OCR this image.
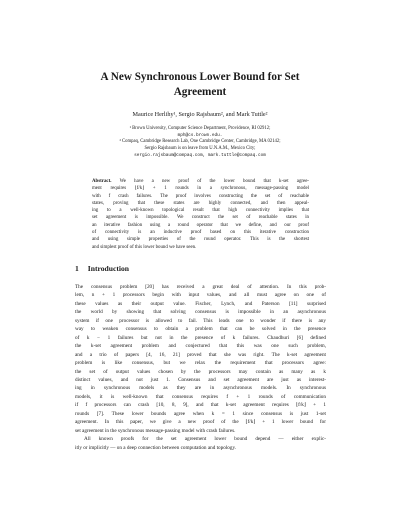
A New Synchronous Lower Bound for Set
Agreement
Maurice Herlihy¹, Sergio Rajsbaum², and Mark Tuttle²
¹ Brown University, Computer Science Department, Providence, RI 02912;
mph@cs.brown.edu.
² Compaq, Cambridge Research Lab, One Cambridge Center, Cambridge, MA 02142;
Sergio Rajsbaum is on leave from U.N.A.M., Mexico City;
sergio.rajsbaum@compaq.com, mark.tuttle@compaq.com
Abstract. We have a new proof of the lower bound that k-set agree-
ment requires ⌊f/k⌋ + 1 rounds in a synchronous, message-passing model
with f crash failures. The proof involves constructing the set of reachable
states, proving that these states are highly connected, and then appeal-
ing to a well-known topological result that high connectivity implies that
set agreement is impossible. We construct the set of reachable states in
an iterative fashion using a round operator that we define, and our proof
of connectivity is an inductive proof based on this iterative construction
and using simple properties of the round operator. This is the shortest
and simplest proof of this lower bound we have seen.
1 Introduction
The consensus problem [20] has received a great deal of attention. In this prob-
lem, n + 1 processors begin with input values, and all must agree on one of
these values as their output value. Fischer, Lynch, and Paterson [11] surprised
the world by showing that solving consensus is impossible in an asynchronous
system if one processor is allowed to fail. This leads one to wonder if there is any
way to weaken consensus to obtain a problem that can be solved in the presence
of k − 1 failures but not in the presence of k failures. Chaudhuri [6] defined
the k-set agreement problem and conjectured that this was one such problem,
and a trio of papers [4, 16, 21] proved that she was right. The k-set agreement
problem is like consensus, but we relax the requirement that processors agree:
the set of output values chosen by the processors may contain as many as k
distinct values, and not just 1. Consensus and set agreement are just as interest-
ing in synchronous models as they are in asynchronous models. In synchronous
models, it is well-known that consensus requires f + 1 rounds of communication
if f processors can crash [10, 8, 9], and that k-set agreement requires ⌊f/k⌋ + 1
rounds [7]. These lower bounds agree when k = 1 since consensus is just 1-set
agreement. In this paper, we give a new proof of the ⌊f/k⌋ + 1 lower bound for
set agreement in the synchronous message-passing model with crash failures.
All known proofs for the set agreement lower bound depend — either explic-
itly or implicitly — on a deep connection between computation and topology.
